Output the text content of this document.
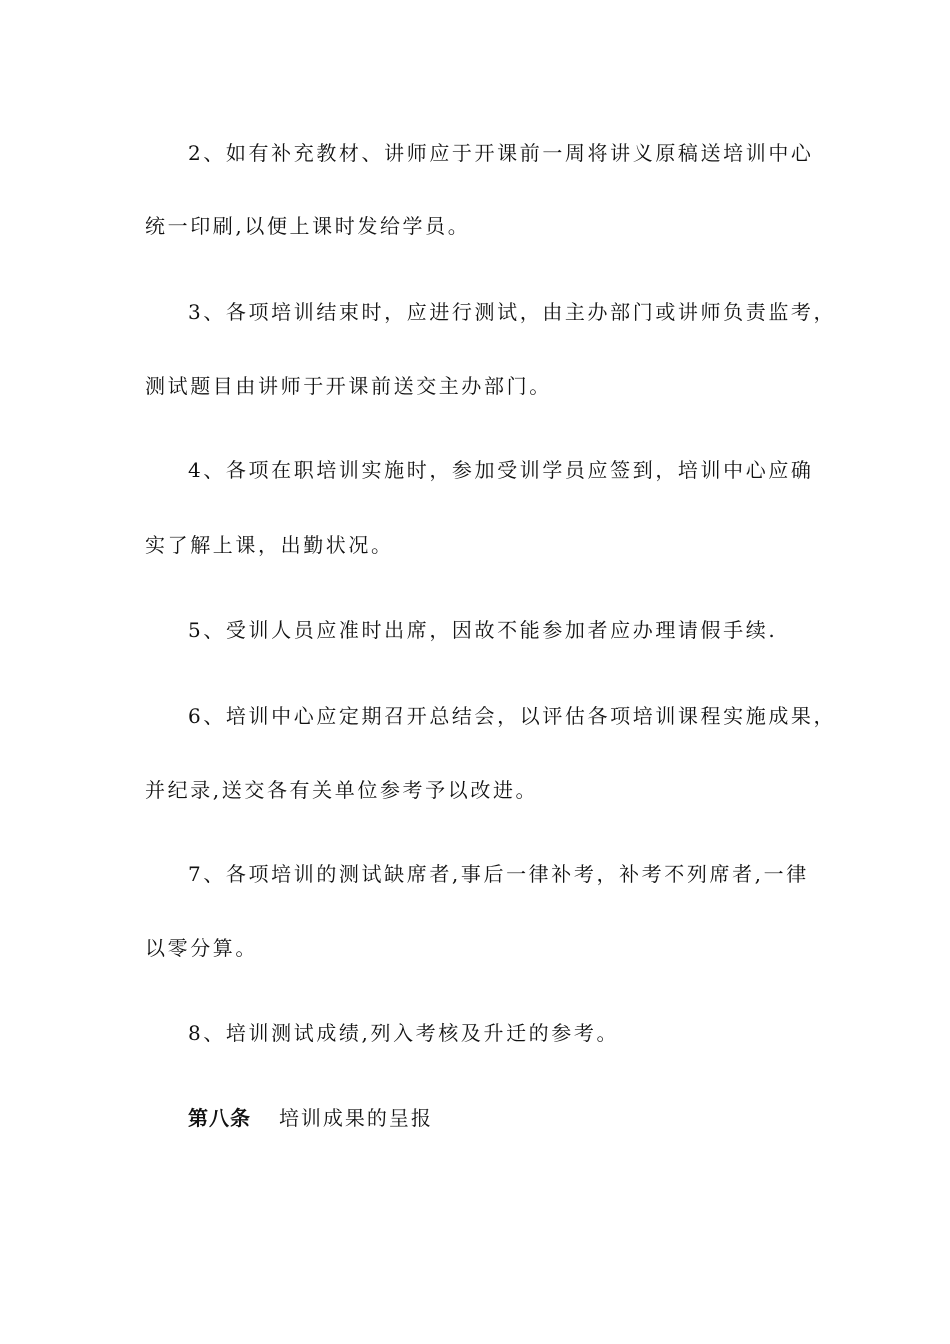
2、如有补充教材、讲师应于开课前一周将讲义原稿送培训中心
统一印刷,以便上课时发给学员。
3、各项培训结束时，应进行测试，由主办部门或讲师负责监考，
测试题目由讲师于开课前送交主办部门。
4、各项在职培训实施时，参加受训学员应签到，培训中心应确
实了解上课，出勤状况。
5、受训人员应准时出席，因故不能参加者应办理请假手续.
6、培训中心应定期召开总结会，以评估各项培训课程实施成果，
并纪录,送交各有关单位参考予以改进。
7、各项培训的测试缺席者,事后一律补考，补考不列席者,一律
以零分算。
8、培训测试成绩,列入考核及升迁的参考。
第八条 培训成果的呈报
